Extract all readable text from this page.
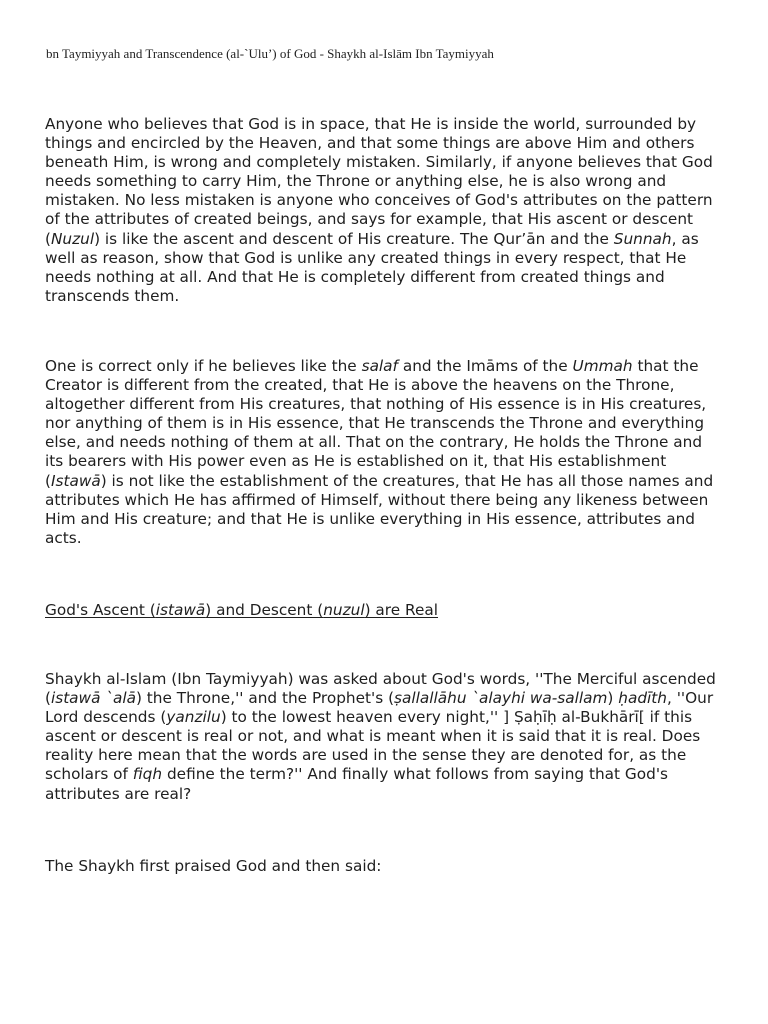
bn Taymiyyah and Transcendence (al-`Ulu’) of God - Shaykh al-Islām Ibn Taymiyyah

Anyone who believes that God is in space, that He is inside the world, surrounded by things and encircled by the Heaven, and that some things are above Him and others beneath Him, is wrong and completely mistaken. Similarly, if anyone believes that God needs something to carry Him, the Throne or anything else, he is also wrong and mistaken. No less mistaken is anyone who conceives of God's attributes on the pattern of the attributes of created beings, and says for example, that His ascent or descent (Nuzul) is like the ascent and descent of His creature. The Qur’ān and the Sunnah, as well as reason, show that God is unlike any created things in every respect, that He needs nothing at all. And that He is completely different from created things and transcends them.

One is correct only if he believes like the salaf and the Imāms of the Ummah that the Creator is different from the created, that He is above the heavens on the Throne, altogether different from His creatures, that nothing of His essence is in His creatures, nor anything of them is in His essence, that He transcends the Throne and everything else, and needs nothing of them at all. That on the contrary, He holds the Throne and its bearers with His power even as He is established on it, that His establishment (Istawā) is not like the establishment of the creatures, that He has all those names and attributes which He has affirmed of Himself, without there being any likeness between Him and His creature; and that He is unlike everything in His essence, attributes and acts.

God's Ascent (istawā) and Descent (nuzul) are Real

Shaykh al-Islam (Ibn Taymiyyah) was asked about God's words, ''The Merciful ascended (istawā `alā) the Throne,'' and the Prophet's (ṣallallāhu `alayhi wa-sallam) ḥadīth, ''Our Lord descends (yanzilu) to the lowest heaven every night,'' ] Ṣaḥīḥ al-Bukhārī[ if this ascent or descent is real or not, and what is meant when it is said that it is real. Does reality here mean that the words are used in the sense they are denoted for, as the scholars of fiqh define the term?'' And finally what follows from saying that God's attributes are real?

The Shaykh first praised God and then said:
